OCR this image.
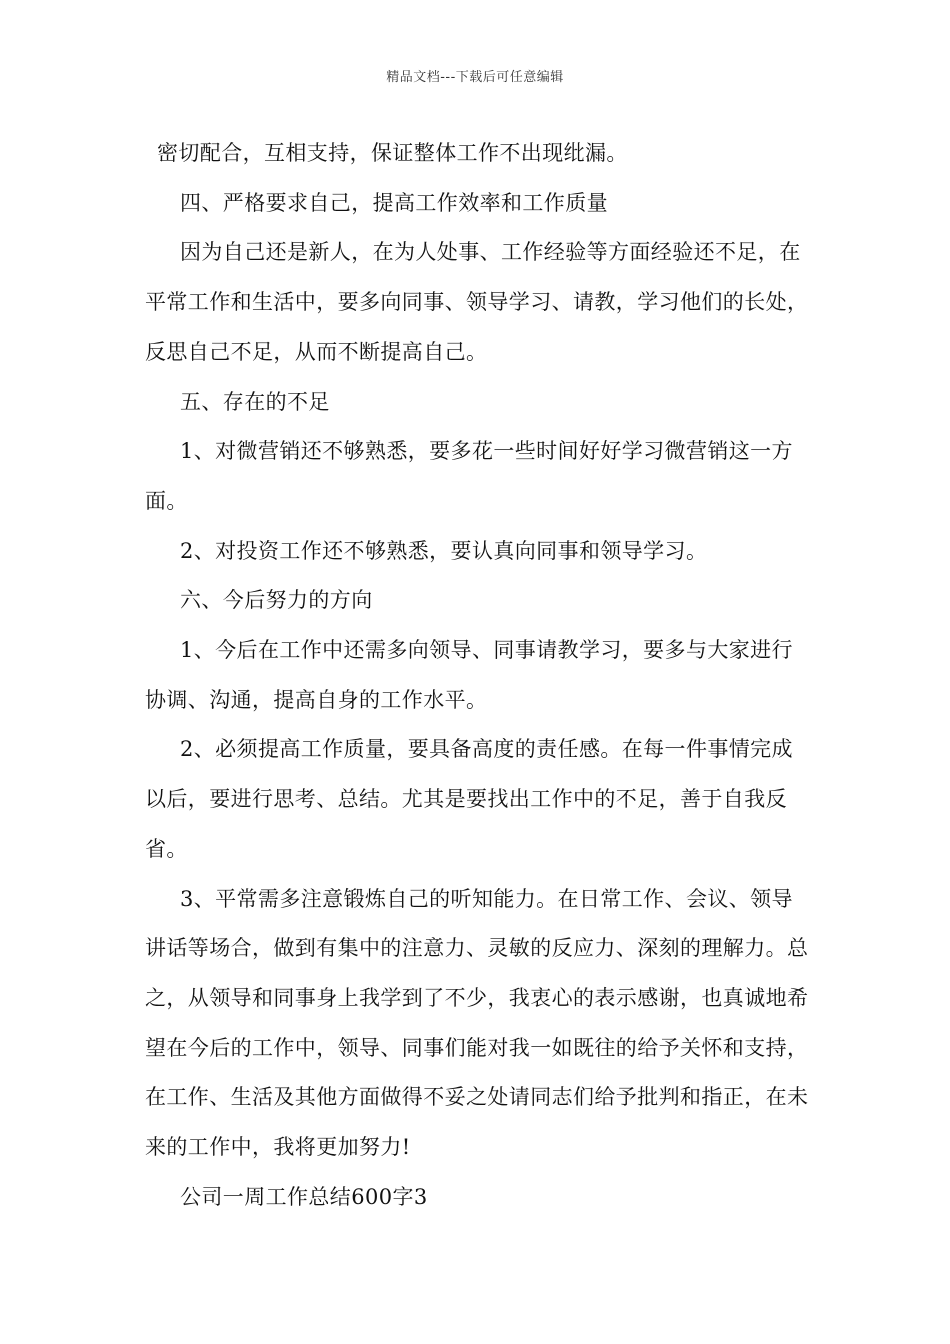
精品文档---下载后可任意编辑

密切配合，互相支持，保证整体工作不出现纰漏。

四、严格要求自己，提高工作效率和工作质量

因为自己还是新人，在为人处事、工作经验等方面经验还不足，在平常工作和生活中，要多向同事、领导学习、请教，学习他们的长处，反思自己不足，从而不断提高自己。

五、存在的不足

1、对微营销还不够熟悉，要多花一些时间好好学习微营销这一方面。

2、对投资工作还不够熟悉，要认真向同事和领导学习。

六、今后努力的方向

1、今后在工作中还需多向领导、同事请教学习，要多与大家进行协调、沟通，提高自身的工作水平。

2、必须提高工作质量，要具备高度的责任感。在每一件事情完成以后，要进行思考、总结。尤其是要找出工作中的不足，善于自我反省。

3、平常需多注意锻炼自己的听知能力。在日常工作、会议、领导讲话等场合，做到有集中的注意力、灵敏的反应力、深刻的理解力。总之，从领导和同事身上我学到了不少，我衷心的表示感谢，也真诚地希望在今后的工作中，领导、同事们能对我一如既往的给予关怀和支持，在工作、生活及其他方面做得不妥之处请同志们给予批判和指正，在未来的工作中，我将更加努力!

公司一周工作总结600字3
